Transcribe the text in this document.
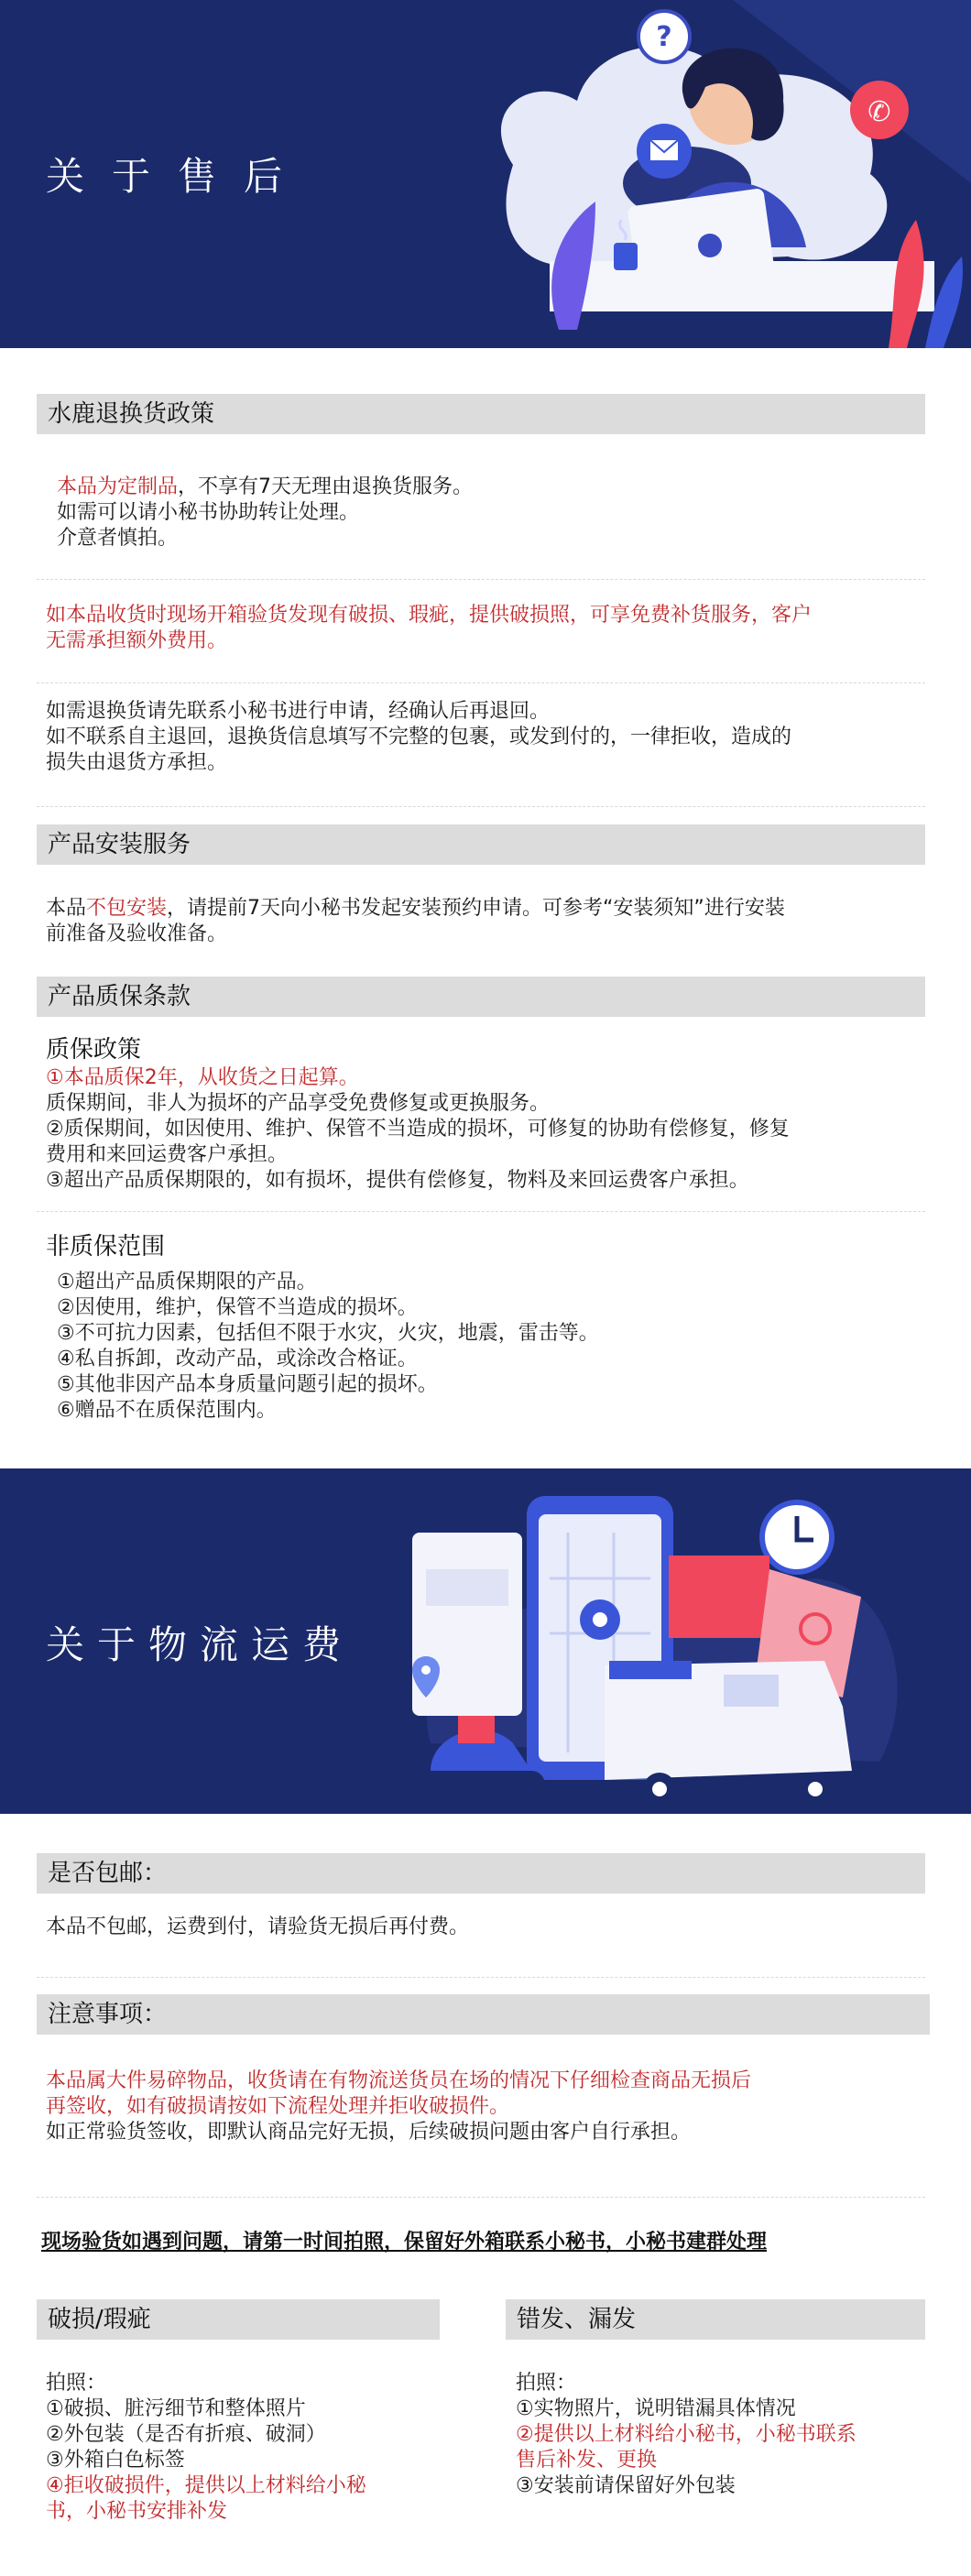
关于售后
?
✆
水鹿退换货政策
本品为定制品，不享有7天无理由退换货服务。
如需可以请小秘书协助转让处理。
介意者慎拍。
如本品收货时现场开箱验货发现有破损、瑕疵，提供破损照，可享免费补货服务，客户
无需承担额外费用。
如需退换货请先联系小秘书进行申请，经确认后再退回。
如不联系自主退回，退换货信息填写不完整的包裹，或发到付的，一律拒收，造成的
损失由退货方承担。
产品安装服务
本品不包安装，请提前7天向小秘书发起安装预约申请。可参考“安装须知”进行安装
前准备及验收准备。
产品质保条款
质保政策
①本品质保2年，从收货之日起算。
质保期间，非人为损坏的产品享受免费修复或更换服务。
②质保期间，如因使用、维护、保管不当造成的损坏，可修复的协助有偿修复，修复
费用和来回运费客户承担。
③超出产品质保期限的，如有损坏，提供有偿修复，物料及来回运费客户承担。
非质保范围
①超出产品质保期限的产品。
②因使用，维护，保管不当造成的损坏。
③不可抗力因素，包括但不限于水灾，火灾，地震，雷击等。
④私自拆卸，改动产品，或涂改合格证。
⑤其他非因产品本身质量问题引起的损坏。
⑥赠品不在质保范围内。
关于物流运费
是否包邮：
本品不包邮，运费到付，请验货无损后再付费。
注意事项：
本品属大件易碎物品，收货请在有物流送货员在场的情况下仔细检查商品无损后
再签收，如有破损请按如下流程处理并拒收破损件。
如正常验货签收，即默认商品完好无损，后续破损问题由客户自行承担。
现场验货如遇到问题，请第一时间拍照，保留好外箱联系小秘书，小秘书建群处理
破损/瑕疵	错发、漏发
拍照：
①破损、脏污细节和整体照片
②外包装（是否有折痕、破洞）
③外箱白色标签
④拒收破损件，提供以上材料给小秘
书，小秘书安排补发
拍照：
①实物照片，说明错漏具体情况
②提供以上材料给小秘书，小秘书联系
售后补发、更换
③安装前请保留好外包装
